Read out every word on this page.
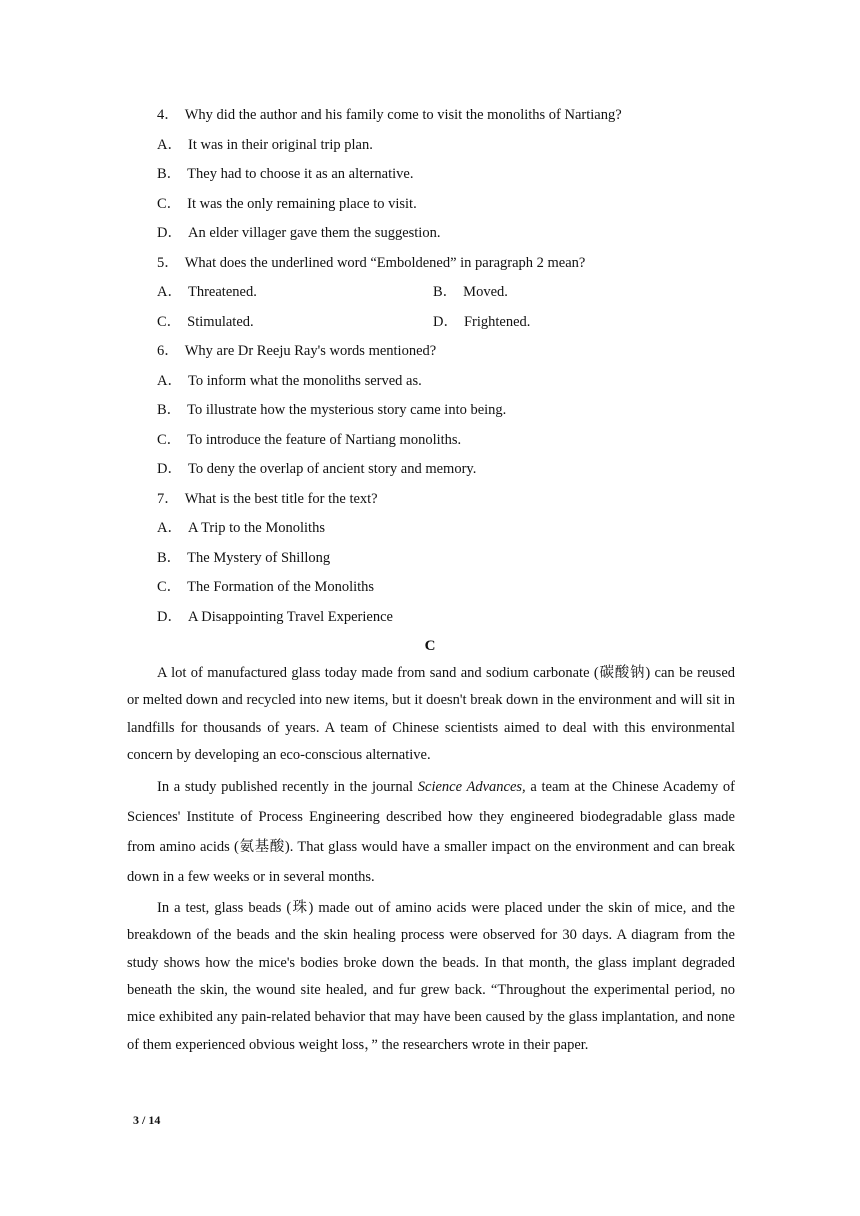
4． Why did the author and his family come to visit the monoliths of Nartiang?
A． It was in their original trip plan.
B． They had to choose it as an alternative.
C． It was the only remaining place to visit.
D． An elder villager gave them the suggestion.
5． What does the underlined word “Emboldened” in paragraph 2 mean?
A． Threatened.	B． Moved.
C． Stimulated.	D． Frightened.
6． Why are Dr Reeju Ray's words mentioned?
A． To inform what the monoliths served as.
B． To illustrate how the mysterious story came into being.
C． To introduce the feature of Nartiang monoliths.
D． To deny the overlap of ancient story and memory.
7． What is the best title for the text?
A． A Trip to the Monoliths
B． The Mystery of Shillong
C． The Formation of the Monoliths
D． A Disappointing Travel Experience
C

A lot of manufactured glass today made from sand and sodium carbonate (碳酸钠) can be reused or melted down and recycled into new items, but it doesn't break down in the environment and will sit in landfills for thousands of years. A team of Chinese scientists aimed to deal with this environmental concern by developing an eco-conscious alternative.

In a study published recently in the journal Science Advances, a team at the Chinese Academy of Sciences' Institute of Process Engineering described how they engineered biodegradable glass made from amino acids (氨基酸). That glass would have a smaller impact on the environment and can break down in a few weeks or in several months.

In a test, glass beads (珠) made out of amino acids were placed under the skin of mice, and the breakdown of the beads and the skin healing process were observed for 30 days. A diagram from the study shows how the mice's bodies broke down the beads. In that month, the glass implant degraded beneath the skin, the wound site healed, and fur grew back. “Throughout the experimental period, no mice exhibited any pain-related behavior that may have been caused by the glass implantation, and none of them experienced obvious weight loss，” the researchers wrote in their paper.

3 / 14
